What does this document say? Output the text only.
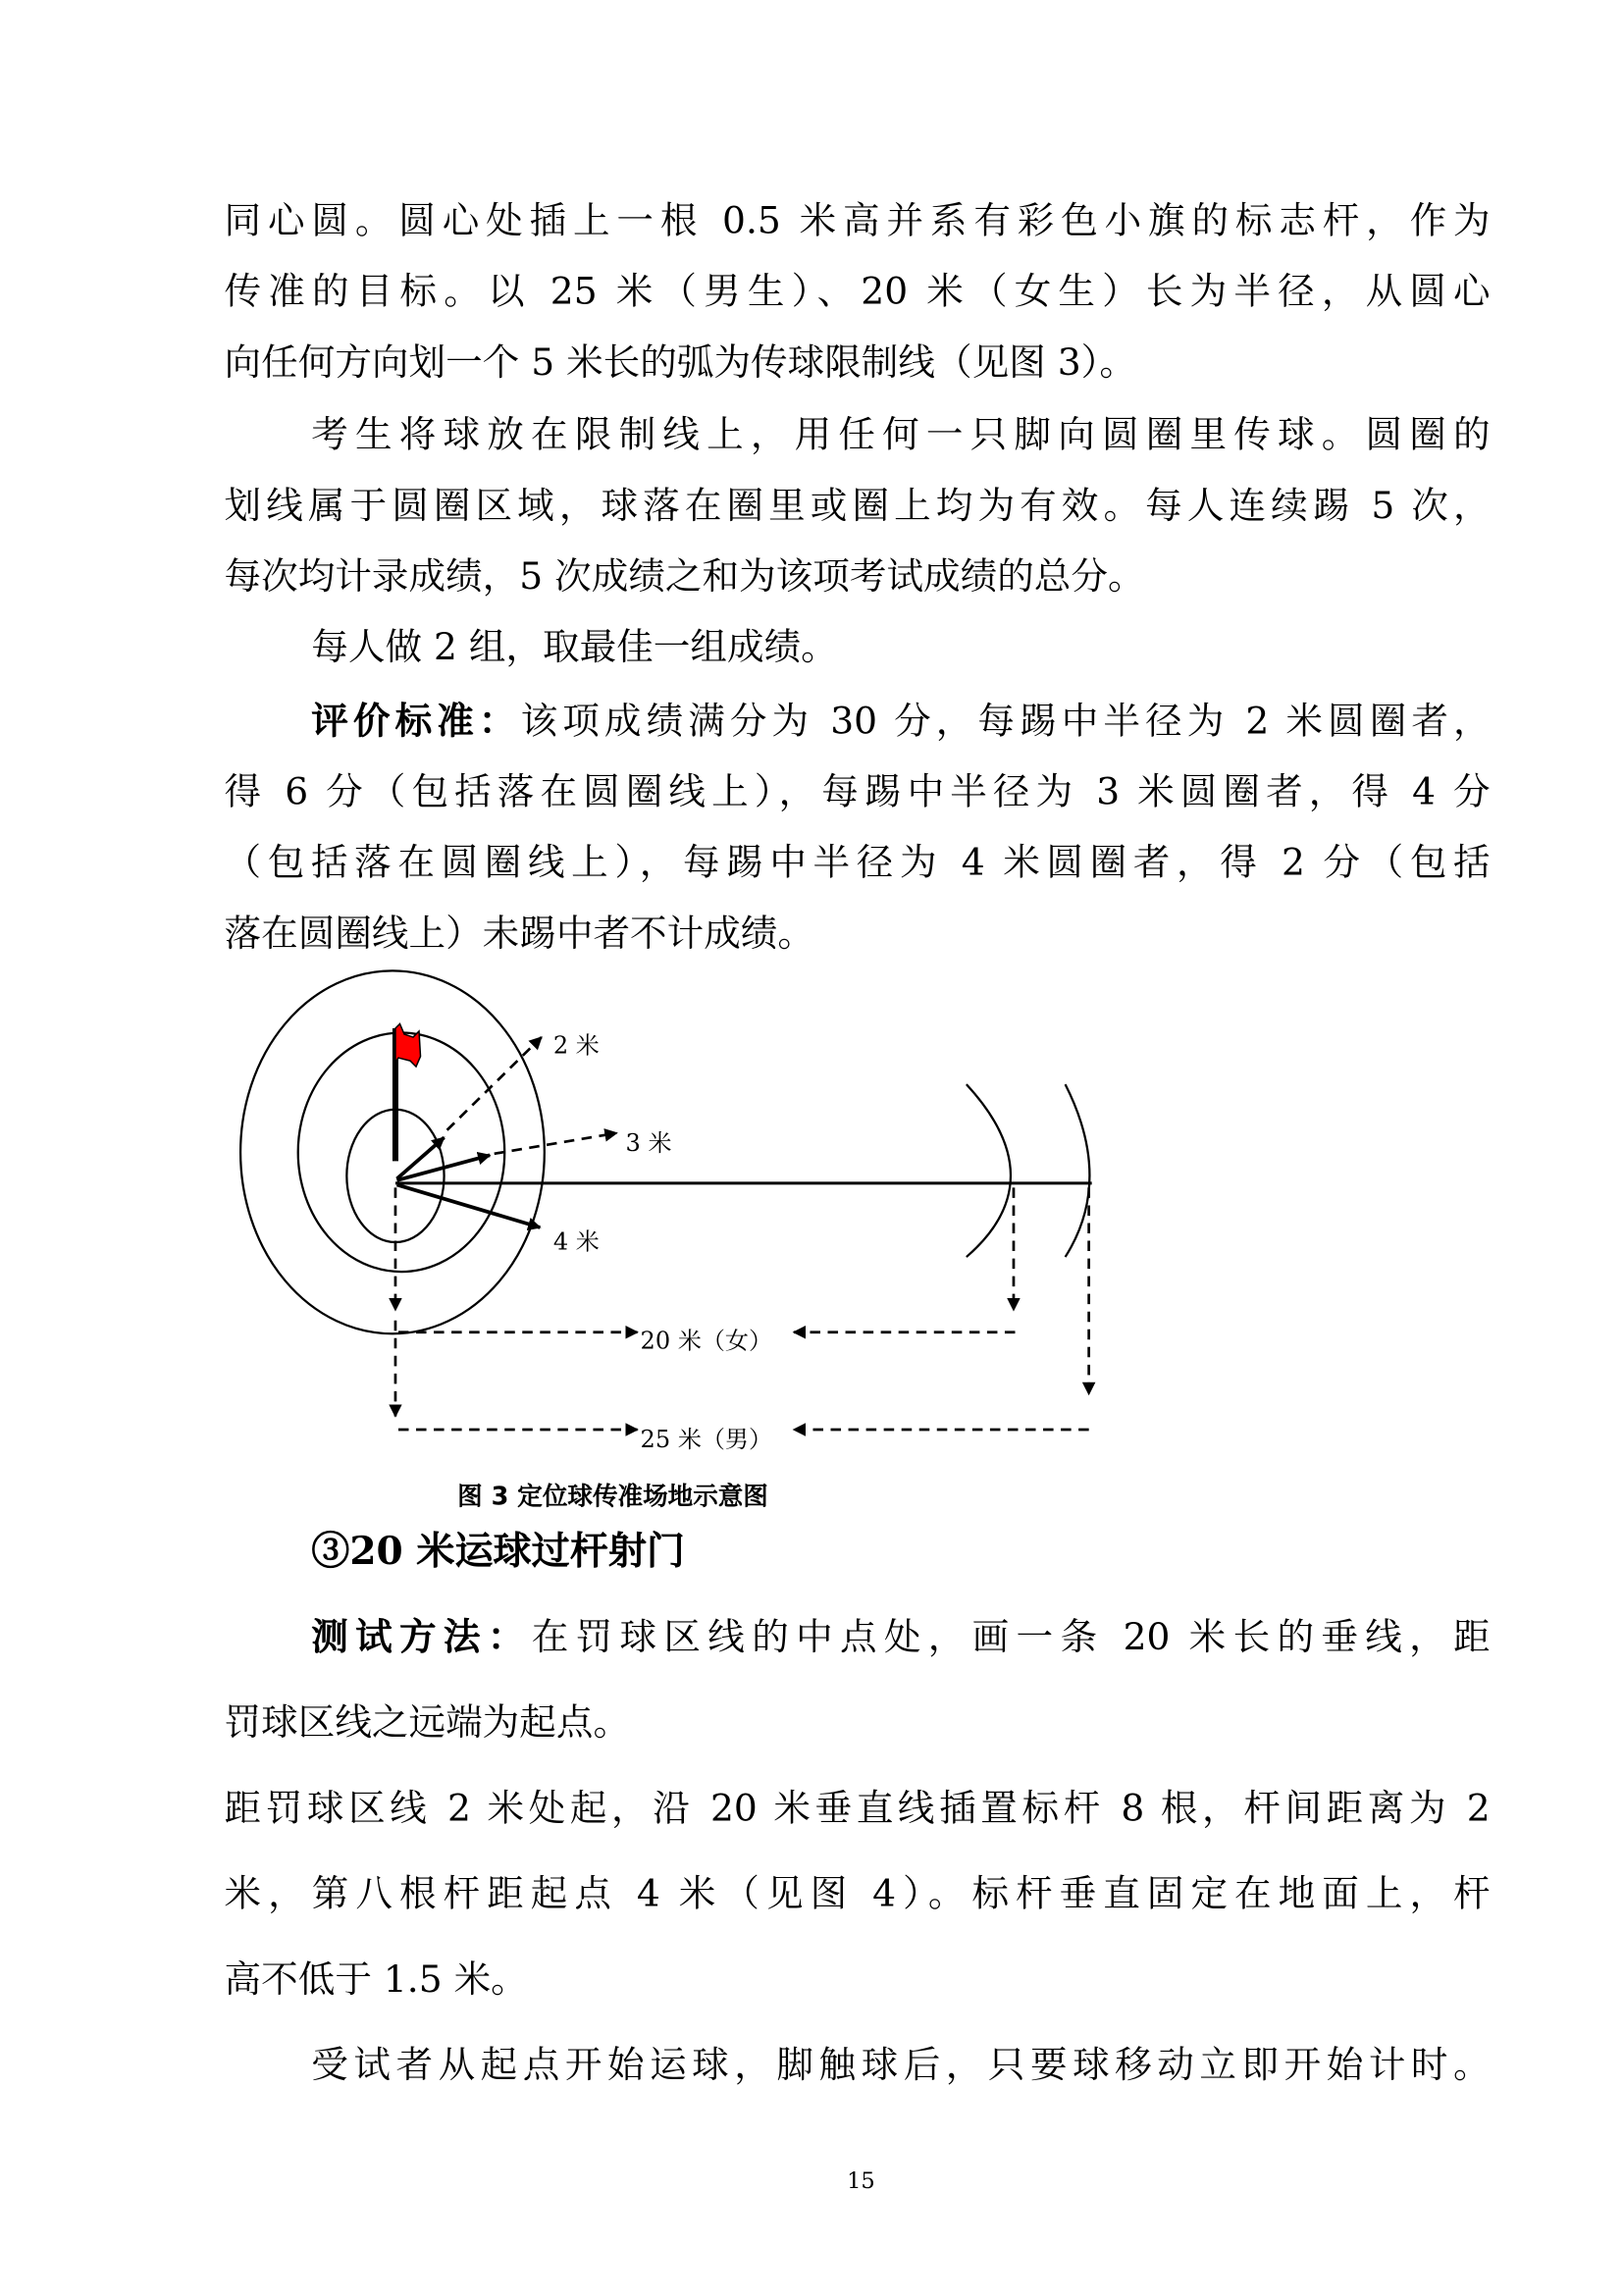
同心圆。圆心处插上一根 0.5 米高并系有彩色小旗的标志杆，作为
传准的目标。以 25 米（男生）、20 米（女生）长为半径，从圆心
向任何方向划一个 5 米长的弧为传球限制线（见图 3）。
考生将球放在限制线上，用任何一只脚向圆圈里传球。圆圈的
划线属于圆圈区域，球落在圈里或圈上均为有效。每人连续踢 5 次，
每次均计录成绩，5 次成绩之和为该项考试成绩的总分。
每人做 2 组，取最佳一组成绩。
评价标准：该项成绩满分为 30 分，每踢中半径为 2 米圆圈者，
得 6 分（包括落在圆圈线上），每踢中半径为 3 米圆圈者，得 4 分
（包括落在圆圈线上），每踢中半径为 4 米圆圈者，得 2 分（包括
落在圆圈线上）未踢中者不计成绩。
2 米
3 米
4 米
20 米（女）
25 米（男）
图 3 定位球传准场地示意图
③20 米运球过杆射门
测试方法：在罚球区线的中点处，画一条 20 米长的垂线，距
罚球区线之远端为起点。
距罚球区线 2 米处起，沿 20 米垂直线插置标杆 8 根，杆间距离为 2
米，第八根杆距起点 4 米（见图 4）。标杆垂直固定在地面上，杆
高不低于 1.5 米。
受试者从起点开始运球，脚触球后，只要球移动立即开始计时。
15
